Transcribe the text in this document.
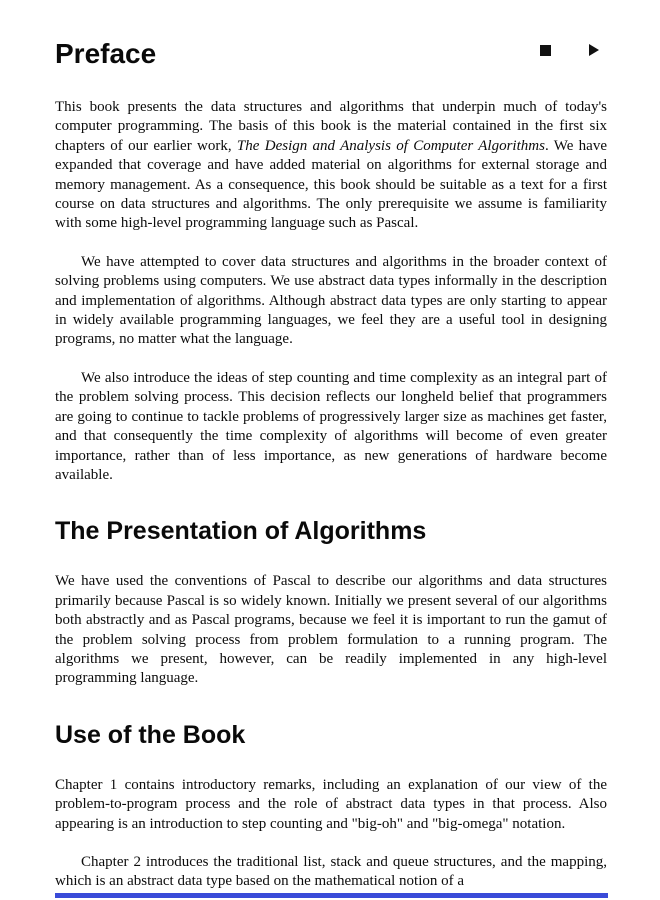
Preface

This book presents the data structures and algorithms that underpin much of today's computer programming. The basis of this book is the material contained in the first six chapters of our earlier work, The Design and Analysis of Computer Algorithms. We have expanded that coverage and have added material on algorithms for external storage and memory management. As a consequence, this book should be suitable as a text for a first course on data structures and algorithms. The only prerequisite we assume is familiarity with some high-level programming language such as Pascal.

We have attempted to cover data structures and algorithms in the broader context of solving problems using computers. We use abstract data types informally in the description and implementation of algorithms. Although abstract data types are only starting to appear in widely available programming languages, we feel they are a useful tool in designing programs, no matter what the language.

We also introduce the ideas of step counting and time complexity as an integral part of the problem solving process. This decision reflects our longheld belief that programmers are going to continue to tackle problems of progressively larger size as machines get faster, and that consequently the time complexity of algorithms will become of even greater importance, rather than of less importance, as new generations of hardware become available.

The Presentation of Algorithms

We have used the conventions of Pascal to describe our algorithms and data structures primarily because Pascal is so widely known. Initially we present several of our algorithms both abstractly and as Pascal programs, because we feel it is important to run the gamut of the problem solving process from problem formulation to a running program. The algorithms we present, however, can be readily implemented in any high-level programming language.

Use of the Book

Chapter 1 contains introductory remarks, including an explanation of our view of the problem-to-program process and the role of abstract data types in that process. Also appearing is an introduction to step counting and "big-oh" and "big-omega" notation.

Chapter 2 introduces the traditional list, stack and queue structures, and the mapping, which is an abstract data type based on the mathematical notion of a
